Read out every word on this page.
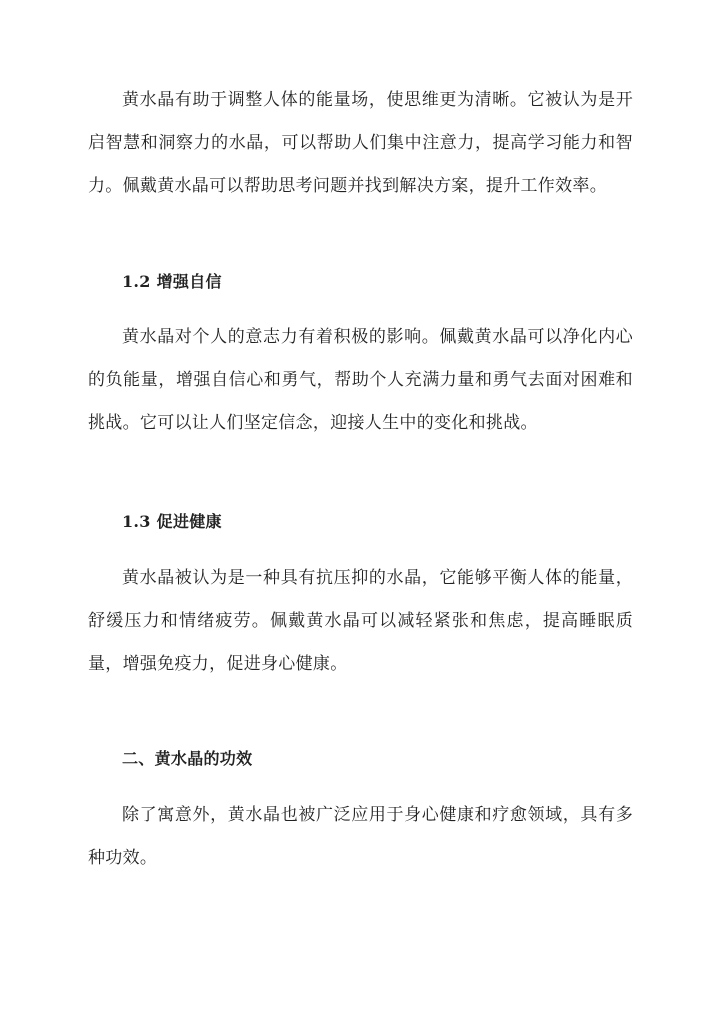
黄水晶有助于调整人体的能量场，使思维更为清晰。它被认为是开启智慧和洞察力的水晶，可以帮助人们集中注意力，提高学习能力和智力。佩戴黄水晶可以帮助思考问题并找到解决方案，提升工作效率。

1.2 增强自信

黄水晶对个人的意志力有着积极的影响。佩戴黄水晶可以净化内心的负能量，增强自信心和勇气，帮助个人充满力量和勇气去面对困难和挑战。它可以让人们坚定信念，迎接人生中的变化和挑战。

1.3 促进健康

黄水晶被认为是一种具有抗压抑的水晶，它能够平衡人体的能量，舒缓压力和情绪疲劳。佩戴黄水晶可以减轻紧张和焦虑，提高睡眠质量，增强免疫力，促进身心健康。

二、黄水晶的功效

除了寓意外，黄水晶也被广泛应用于身心健康和疗愈领域，具有多种功效。
